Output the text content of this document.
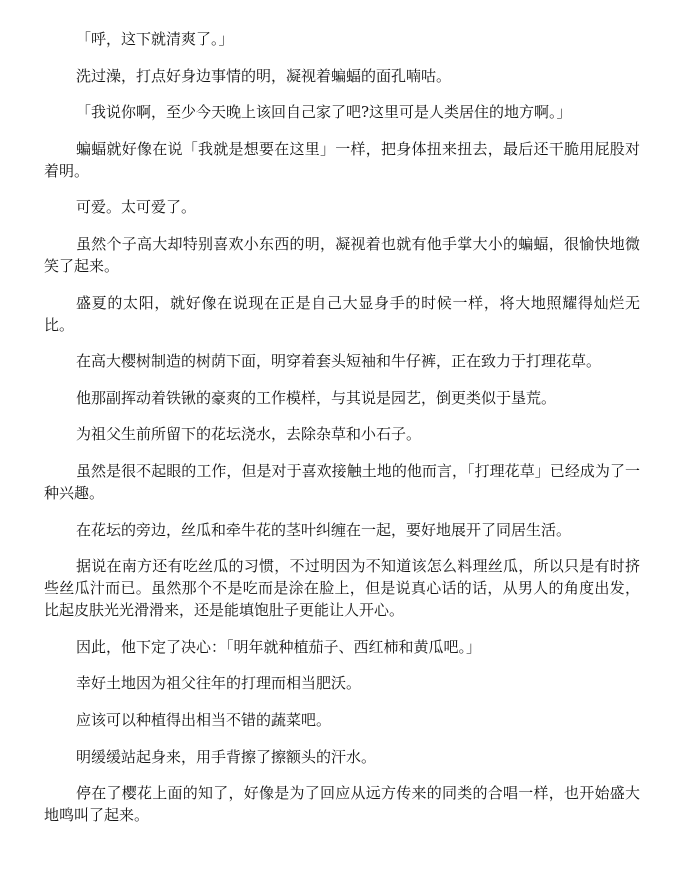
「呼，这下就清爽了。」

洗过澡，打点好身边事情的明，凝视着蝙蝠的面孔喃咕。

「我说你啊，至少今天晚上该回自己家了吧?这里可是人类居住的地方啊。」

蝙蝠就好像在说「我就是想要在这里」一样，把身体扭来扭去，最后还干脆用屁股对着明。

可爱。太可爱了。

虽然个子高大却特别喜欢小东西的明，凝视着也就有他手掌大小的蝙蝠，很愉快地微笑了起来。

盛夏的太阳，就好像在说现在正是自己大显身手的时候一样，将大地照耀得灿烂无比。

在高大樱树制造的树荫下面，明穿着套头短袖和牛仔裤，正在致力于打理花草。

他那副挥动着铁锹的豪爽的工作模样，与其说是园艺，倒更类似于垦荒。

为祖父生前所留下的花坛浇水，去除杂草和小石子。

虽然是很不起眼的工作，但是对于喜欢接触土地的他而言，「打理花草」已经成为了一种兴趣。

在花坛的旁边，丝瓜和牵牛花的茎叶纠缠在一起，要好地展开了同居生活。

据说在南方还有吃丝瓜的习惯，不过明因为不知道该怎么料理丝瓜，所以只是有时挤些丝瓜汁而已。虽然那个不是吃而是涂在脸上，但是说真心话的话，从男人的角度出发，比起皮肤光光滑滑来，还是能填饱肚子更能让人开心。

因此，他下定了决心：「明年就种植茄子、西红柿和黄瓜吧。」

幸好土地因为祖父往年的打理而相当肥沃。

应该可以种植得出相当不错的蔬菜吧。

明缓缓站起身来，用手背擦了擦额头的汗水。

停在了樱花上面的知了，好像是为了回应从远方传来的同类的合唱一样，也开始盛大地鸣叫了起来。
